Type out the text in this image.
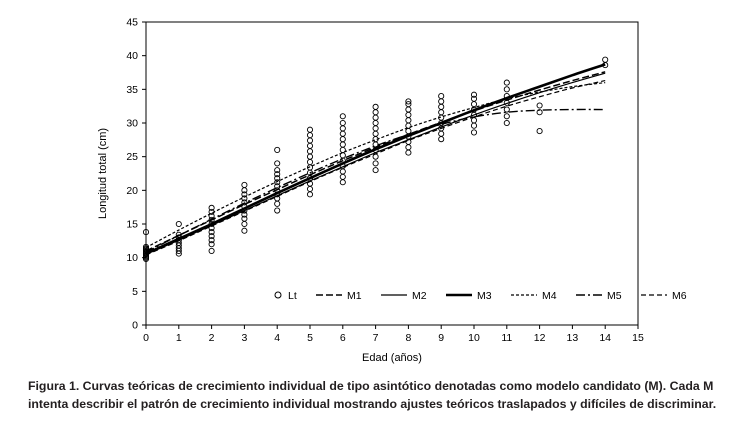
0	1	2	3	4	5	6	7	8	9 10 11 12 13 14 15
0
5
10
15
20
25
30
35
40
45
Edad (años)
Longitud total (cm)
Lt	M1	M2	M3	M4	M5	M6
Figura 1. Curvas teóricas de crecimiento individual de tipo asintótico denotadas como modelo candidato (M). Cada M intenta describir el patrón de crecimiento individual mostrando ajustes teóricos traslapados y difíciles de discriminar.
